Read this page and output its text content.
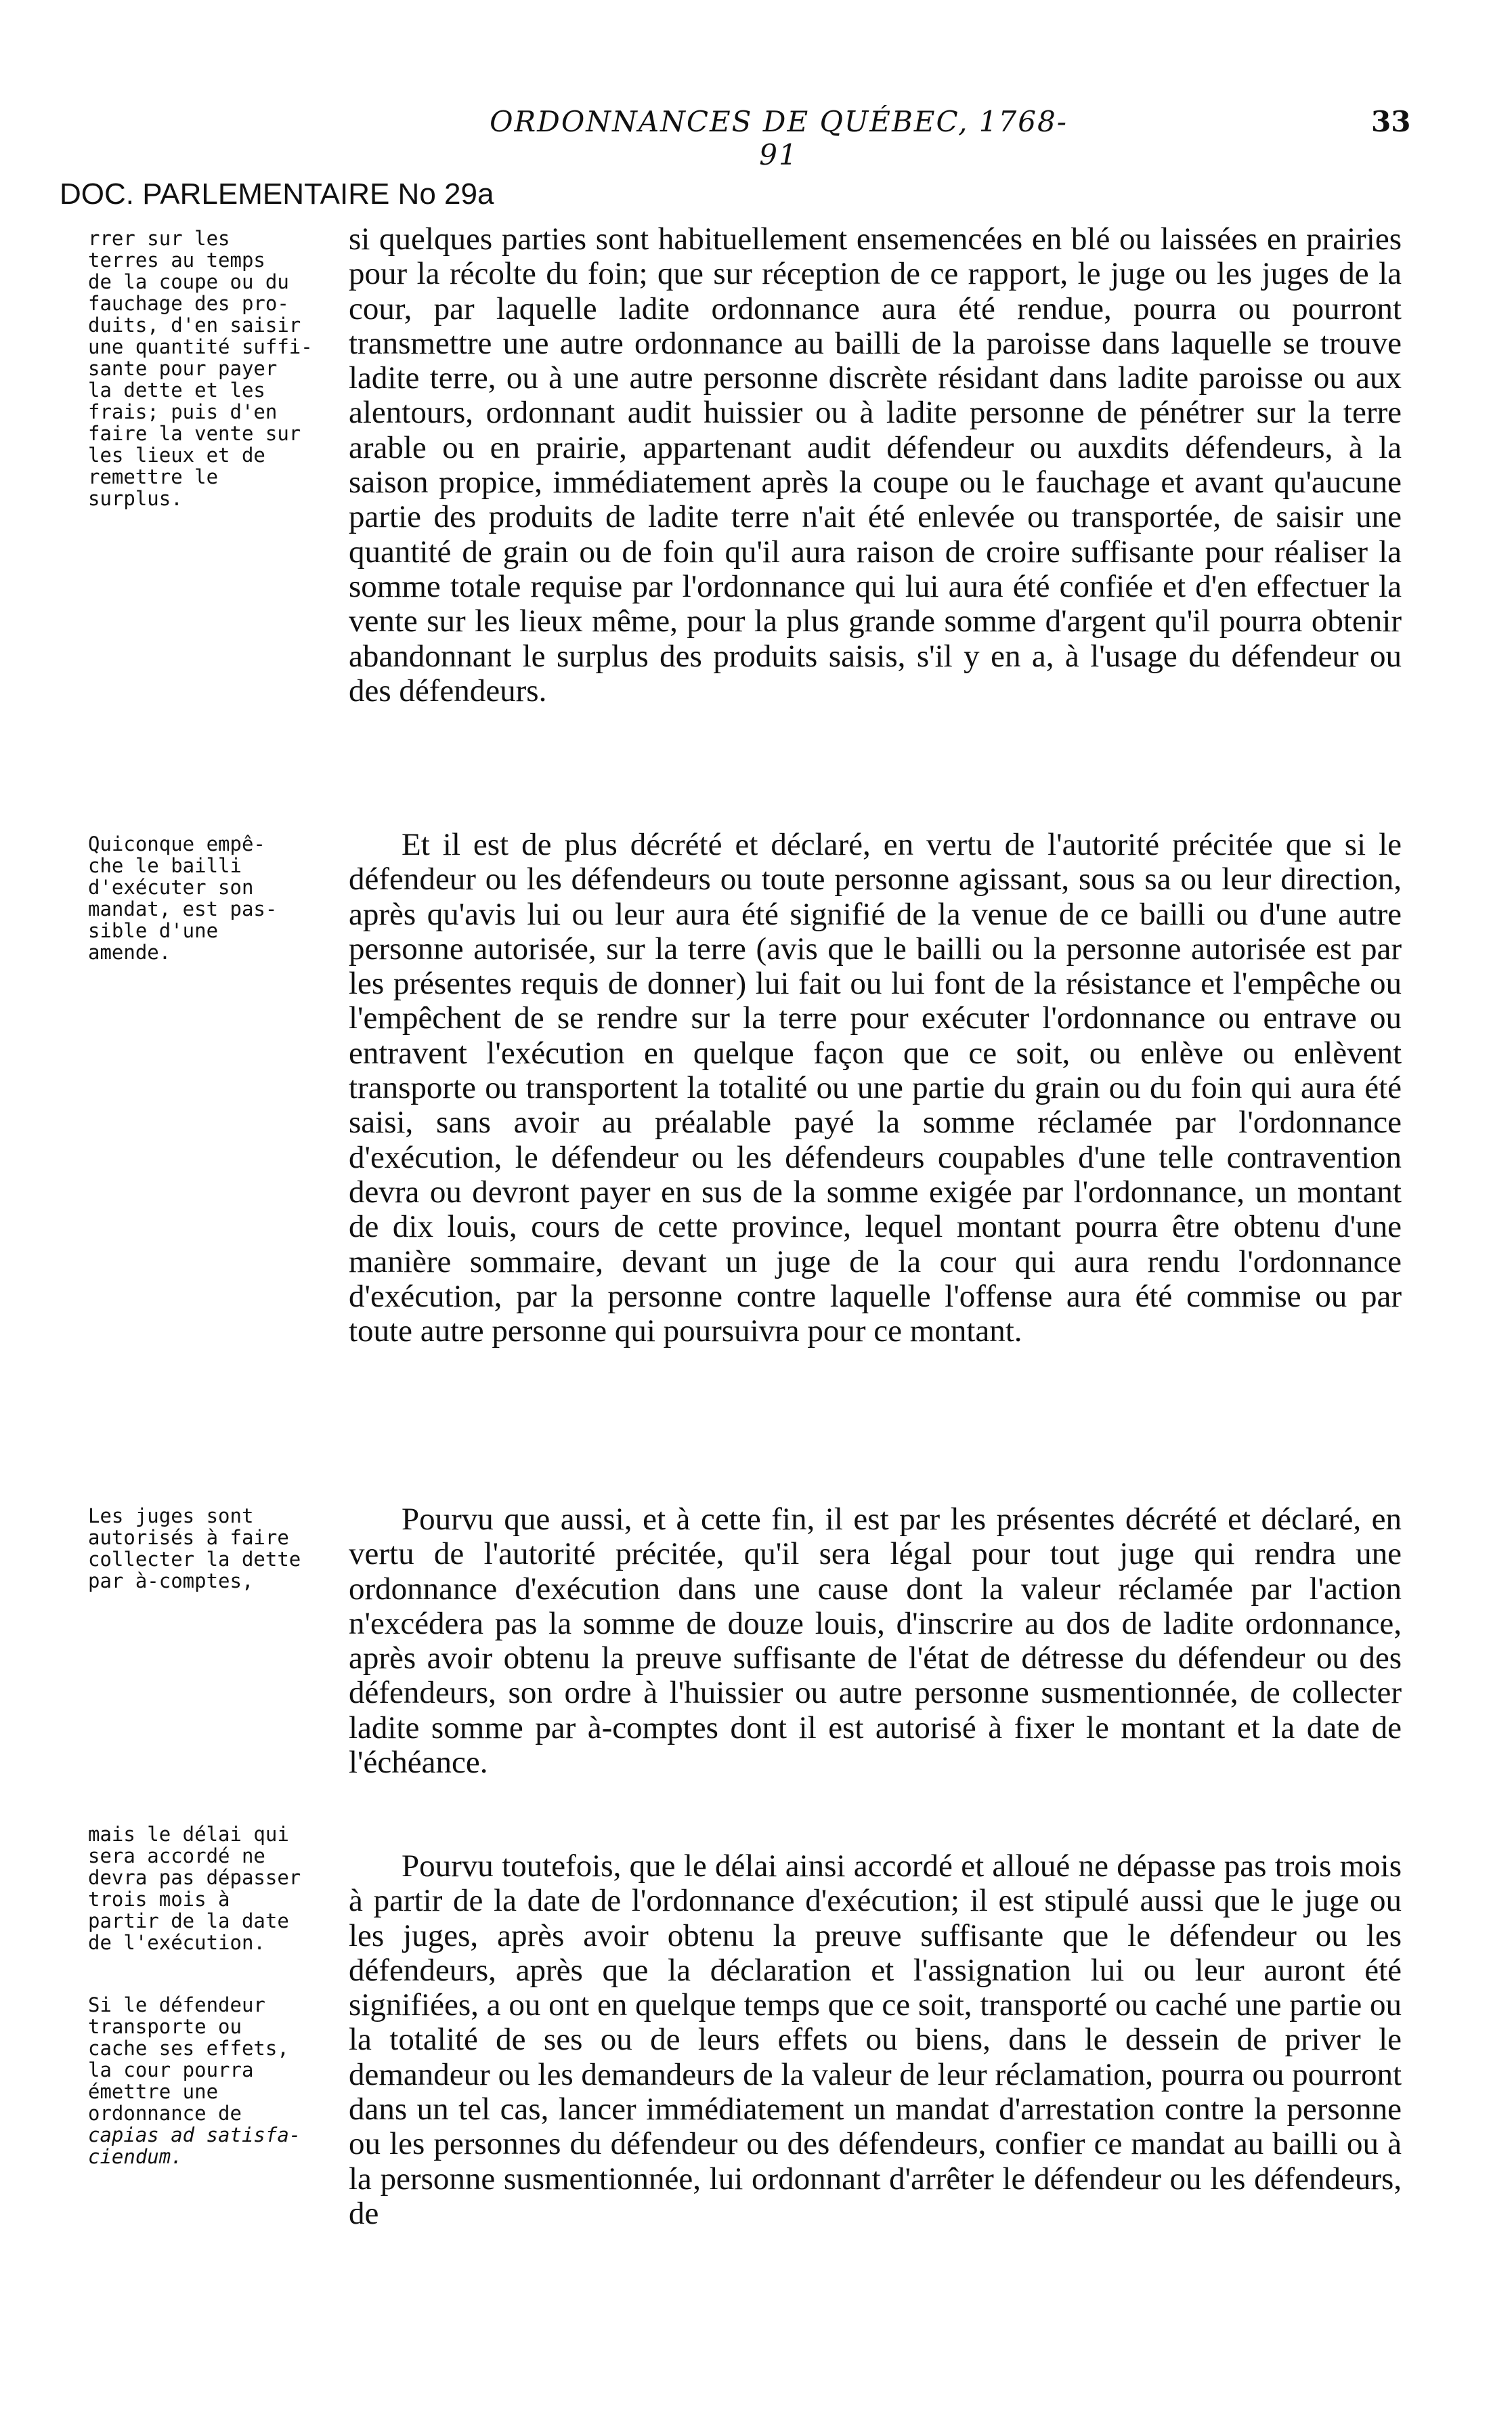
ORDONNANCES DE QUÉBEC, 1768-91
33
DOC. PARLEMENTAIRE No 29a
rrer sur les
terres au temps
de la coupe ou du
fauchage des pro-
duits, d'en saisir
une quantité suffi-
sante pour payer
la dette et les
frais; puis d'en
faire la vente sur
les lieux et de
remettre le
surplus.
Quiconque empê-
che le bailli
d'exécuter son
mandat, est pas-
sible d'une
amende.
Les juges sont
autorisés à faire
collecter la dette
par à-comptes,
mais le délai qui
sera accordé ne
devra pas dépasser
trois mois à
partir de la date
de l'exécution.

Si le défendeur
transporte ou
cache ses effets,
la cour pourra
émettre une
ordonnance de

capias ad satisfa-
ciendum.

si quelques parties sont habituellement ensemencées en blé ou laissées en prairies pour la récolte du foin; que sur réception de ce rapport, le juge ou les juges de la cour, par laquelle ladite ordonnance aura été rendue, pourra ou pourront transmettre une autre ordonnance au bailli de la paroisse dans laquelle se trouve ladite terre, ou à une autre personne discrète résidant dans ladite paroisse ou aux alentours, ordonnant audit huissier ou à ladite personne de pénétrer sur la terre arable ou en prairie, appartenant audit défendeur ou auxdits défendeurs, à la saison propice, immédiatement après la coupe ou le fauchage et avant qu'aucune partie des produits de ladite terre n'ait été enlevée ou transportée, de saisir une quantité de grain ou de foin qu'il aura raison de croire suffisante pour réaliser la somme totale requise par l'ordonnance qui lui aura été confiée et d'en effectuer la vente sur les lieux même, pour la plus grande somme d'argent qu'il pourra obtenir abandonnant le surplus des produits saisis, s'il y en a, à l'usage du défendeur ou des défendeurs.
Et il est de plus décrété et déclaré, en vertu de l'autorité précitée que si le défendeur ou les défendeurs ou toute personne agissant, sous sa ou leur direction, après qu'avis lui ou leur aura été signifié de la venue de ce bailli ou d'une autre personne autorisée, sur la terre (avis que le bailli ou la personne autorisée est par les présentes requis de donner) lui fait ou lui font de la résistance et l'empêche ou l'empêchent de se rendre sur la terre pour exécuter l'ordonnance ou entrave ou entravent l'exécution en quelque façon que ce soit, ou enlève ou enlèvent transporte ou transportent la totalité ou une partie du grain ou du foin qui aura été saisi, sans avoir au préalable payé la somme réclamée par l'ordonnance d'exécution, le défendeur ou les défendeurs coupables d'une telle contravention devra ou devront payer en sus de la somme exigée par l'ordonnance, un montant de dix louis, cours de cette province, lequel montant pourra être obtenu d'une manière sommaire, devant un juge de la cour qui aura rendu l'ordonnance d'exécution, par la personne contre laquelle l'offense aura été commise ou par toute autre personne qui poursuivra pour ce montant.
Pourvu que aussi, et à cette fin, il est par les présentes décrété et déclaré, en vertu de l'autorité précitée, qu'il sera légal pour tout juge qui rendra une ordonnance d'exécution dans une cause dont la valeur réclamée par l'action n'excédera pas la somme de douze louis, d'inscrire au dos de ladite ordonnance, après avoir obtenu la preuve suffisante de l'état de détresse du défendeur ou des défendeurs, son ordre à l'huissier ou autre personne susmentionnée, de collecter ladite somme par à-comptes dont il est autorisé à fixer le montant et la date de l'échéance.
Pourvu toutefois, que le délai ainsi accordé et alloué ne dépasse pas trois mois à partir de la date de l'ordonnance d'exécution; il est stipulé aussi que le juge ou les juges, après avoir obtenu la preuve suffisante que le défendeur ou les défendeurs, après que la déclaration et l'assignation lui ou leur auront été signifiées, a ou ont en quelque temps que ce soit, transporté ou caché une partie ou la totalité de ses ou de leurs effets ou biens, dans le dessein de priver le demandeur ou les demandeurs de la valeur de leur réclamation, pourra ou pourront dans un tel cas, lancer immédiatement un mandat d'arrestation contre la personne ou les personnes du défendeur ou des défendeurs, confier ce mandat au bailli ou à la personne susmentionnée, lui ordonnant d'arrêter le défendeur ou les défendeurs, de
